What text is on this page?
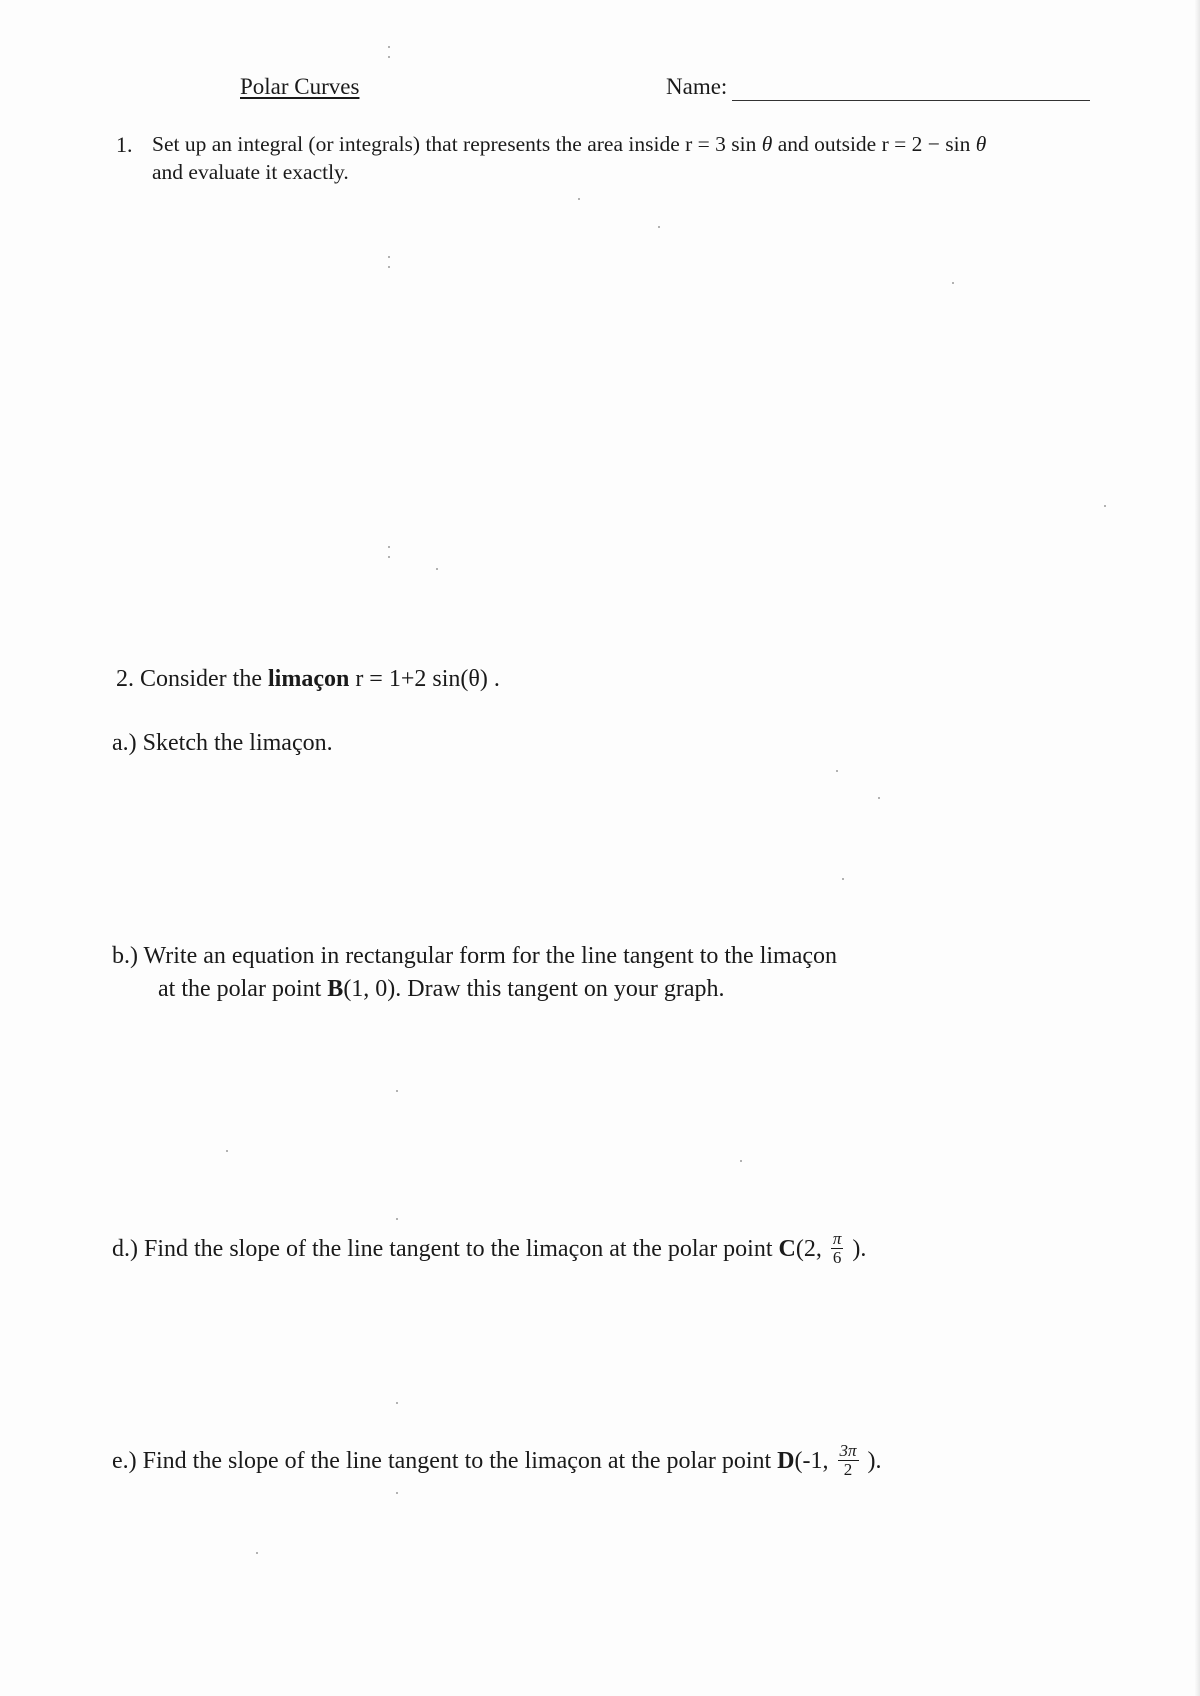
Polar Curves	Name:
1. Set up an integral (or integrals) that represents the area inside r = 3 sin θ and outside r = 2 − sin θ
and evaluate it exactly.
2. Consider the limaçon r = 1+2 sin(θ) .
a.) Sketch the limaçon.
b.) Write an equation in rectangular form for the line tangent to the limaçon
at the polar point B(1, 0). Draw this tangent on your graph.
d.) Find the slope of the line tangent to the limaçon at the polar point C(2, $\frac{\pi}{6}$ ).
e.) Find the slope of the line tangent to the limaçon at the polar point D(-1, $\frac{3\pi}{2}$ ).
